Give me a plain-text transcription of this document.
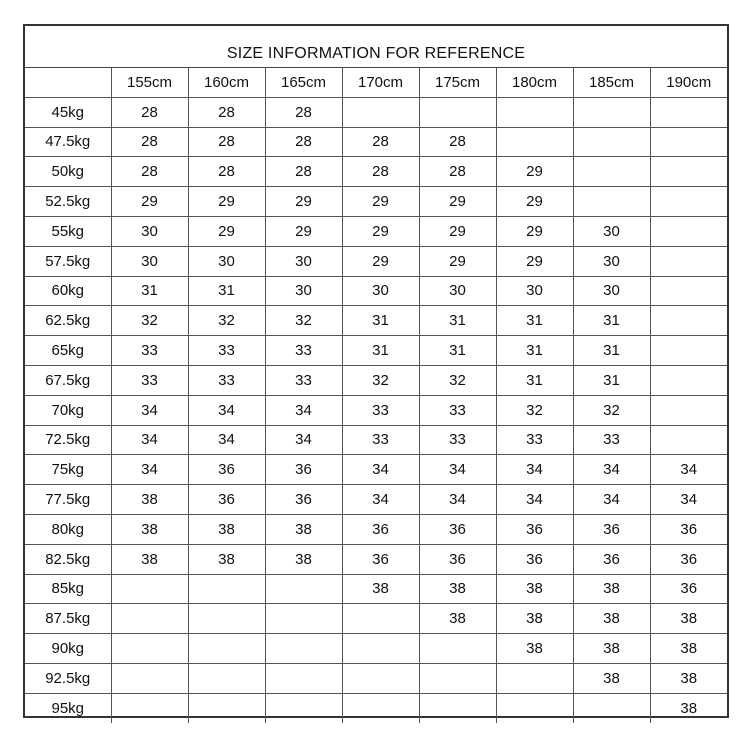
SIZE INFORMATION FOR REFERENCE
	155cm	160cm	165cm	170cm	175cm	180cm	185cm	190cm
45kg	28	28	28					
47.5kg	28	28	28	28	28			
50kg	28	28	28	28	28	29		
52.5kg	29	29	29	29	29	29		
55kg	30	29	29	29	29	29	30	
57.5kg	30	30	30	29	29	29	30	
60kg	31	31	30	30	30	30	30	
62.5kg	32	32	32	31	31	31	31	
65kg	33	33	33	31	31	31	31	
67.5kg	33	33	33	32	32	31	31	
70kg	34	34	34	33	33	32	32	
72.5kg	34	34	34	33	33	33	33	
75kg	34	36	36	34	34	34	34	34
77.5kg	38	36	36	34	34	34	34	34
80kg	38	38	38	36	36	36	36	36
82.5kg	38	38	38	36	36	36	36	36
85kg				38	38	38	38	36
87.5kg					38	38	38	38
90kg						38	38	38
92.5kg							38	38
95kg								38
